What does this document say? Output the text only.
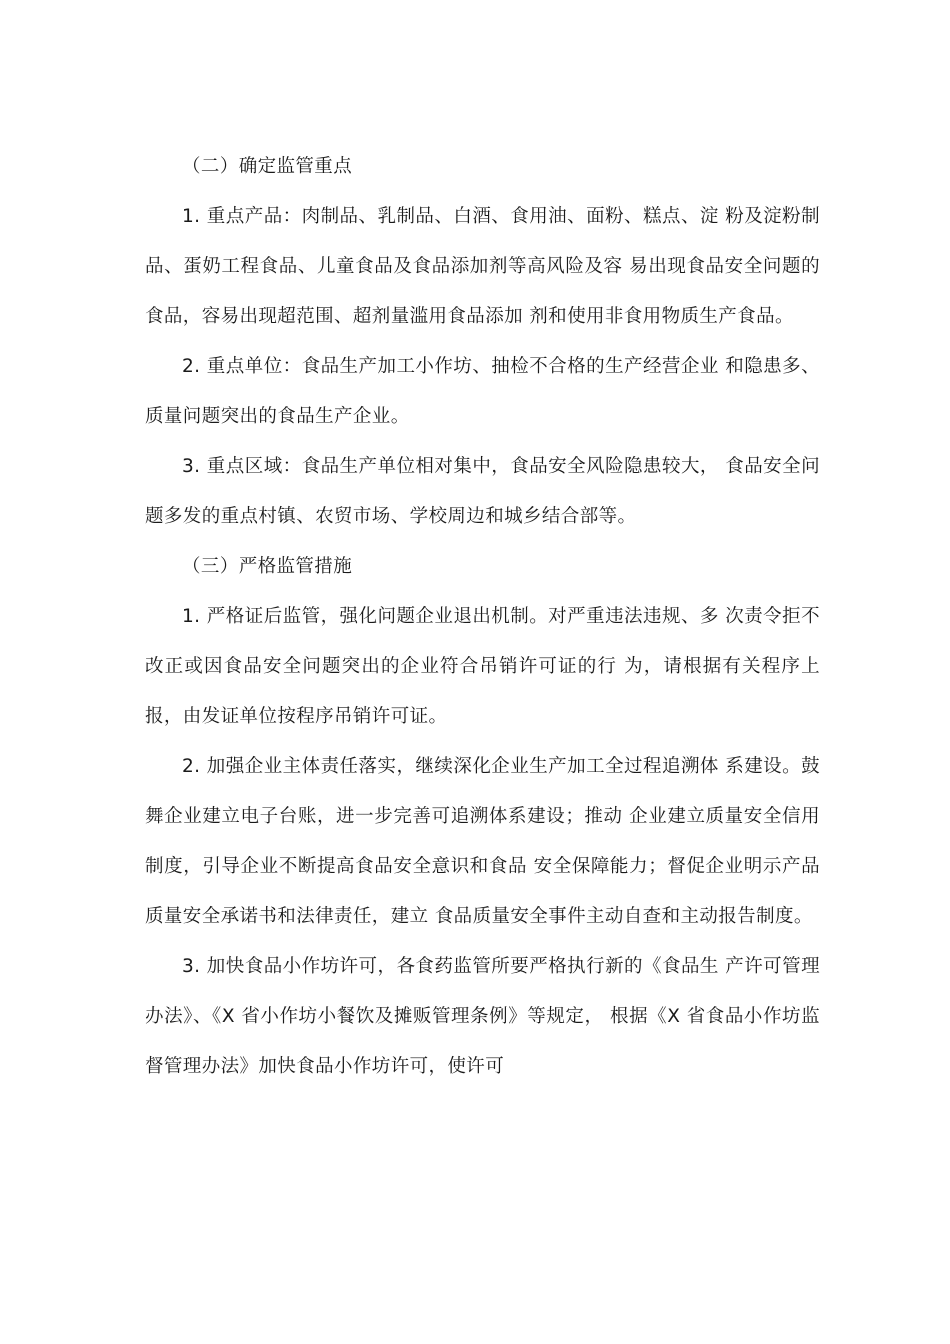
（二）确定监管重点

1. 重点产品：肉制品、乳制品、白酒、食用油、面粉、糕点、淀 粉及淀粉制品、蛋奶工程食品、儿童食品及食品添加剂等高风险及容 易出现食品安全问题的食品，容易出现超范围、超剂量滥用食品添加 剂和使用非食用物质生产食品。

2. 重点单位：食品生产加工小作坊、抽检不合格的生产经营企业 和隐患多、质量问题突出的食品生产企业。

3. 重点区域：食品生产单位相对集中，食品安全风险隐患较大， 食品安全问题多发的重点村镇、农贸市场、学校周边和城乡结合部等。

（三）严格监管措施

1. 严格证后监管，强化问题企业退出机制。对严重违法违规、多 次责令拒不改正或因食品安全问题突出的企业符合吊销许可证的行 为，请根据有关程序上报，由发证单位按程序吊销许可证。

2. 加强企业主体责任落实，继续深化企业生产加工全过程追溯体 系建设。鼓舞企业建立电子台账，进一步完善可追溯体系建设；推动 企业建立质量安全信用制度，引导企业不断提高食品安全意识和食品 安全保障能力；督促企业明示产品质量安全承诺书和法律责任，建立 食品质量安全事件主动自查和主动报告制度。

3. 加快食品小作坊许可，各食药监管所要严格执行新的《食品生 产许可管理办法》、《X 省小作坊小餐饮及摊贩管理条例》等规定， 根据《X 省食品小作坊监督管理办法》加快食品小作坊许可，使许可
